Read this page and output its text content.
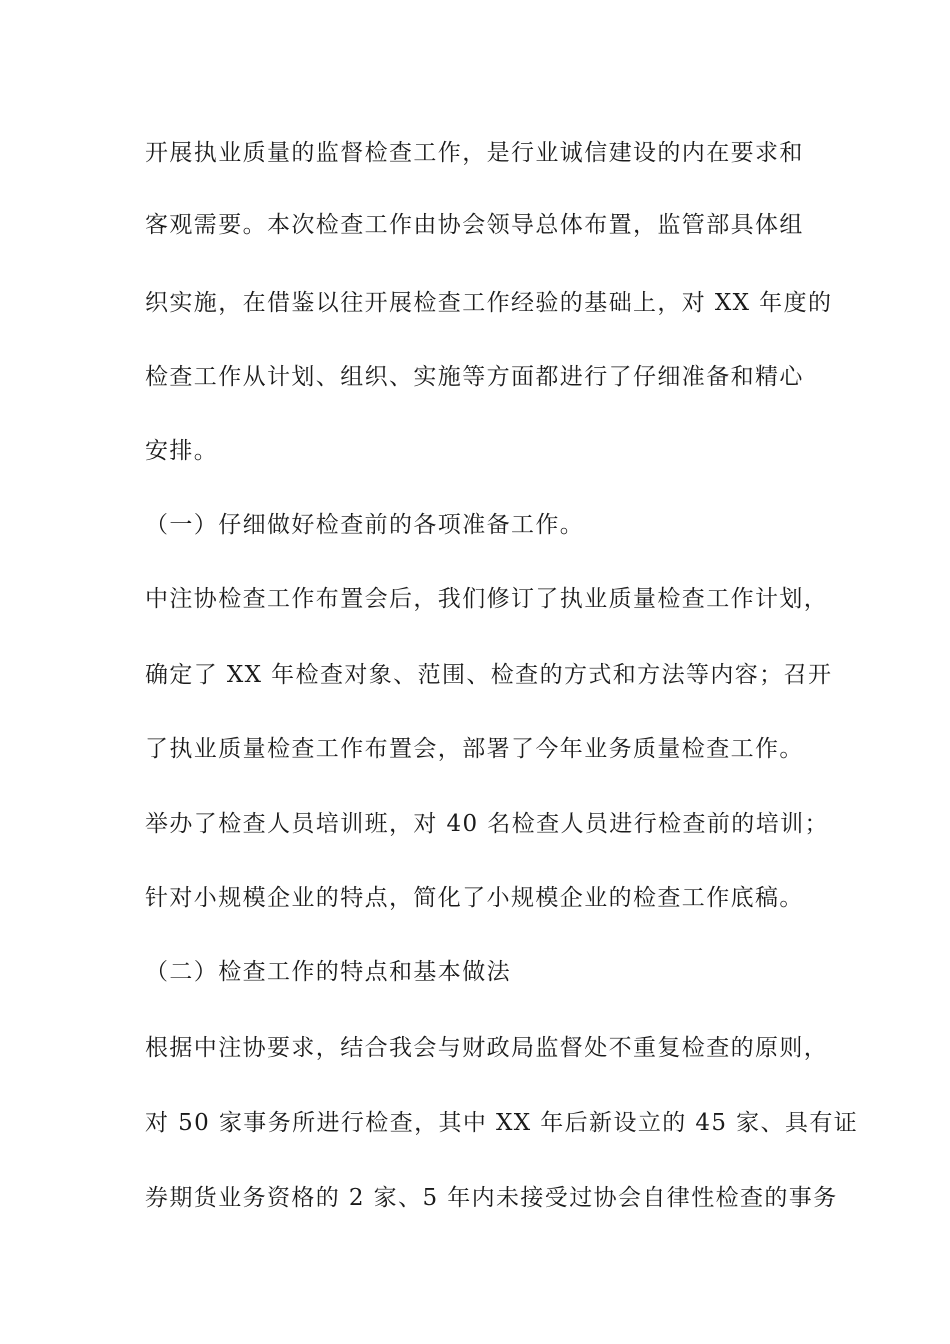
开展执业质量的监督检查工作，是行业诚信建设的内在要求和
客观需要。本次检查工作由协会领导总体布置，监管部具体组
织实施，在借鉴以往开展检查工作经验的基础上，对 XX 年度的
检查工作从计划、组织、实施等方面都进行了仔细准备和精心
安排。
（一）仔细做好检查前的各项准备工作。
中注协检查工作布置会后，我们修订了执业质量检查工作计划，
确定了 XX 年检查对象、范围、检查的方式和方法等内容；召开
了执业质量检查工作布置会，部署了今年业务质量检查工作。
举办了检查人员培训班，对 40 名检查人员进行检查前的培训；
针对小规模企业的特点，简化了小规模企业的检查工作底稿。
（二）检查工作的特点和基本做法
根据中注协要求，结合我会与财政局监督处不重复检查的原则，
对 50 家事务所进行检查，其中 XX 年后新设立的 45 家、具有证
券期货业务资格的 2 家、5 年内未接受过协会自律性检查的事务
